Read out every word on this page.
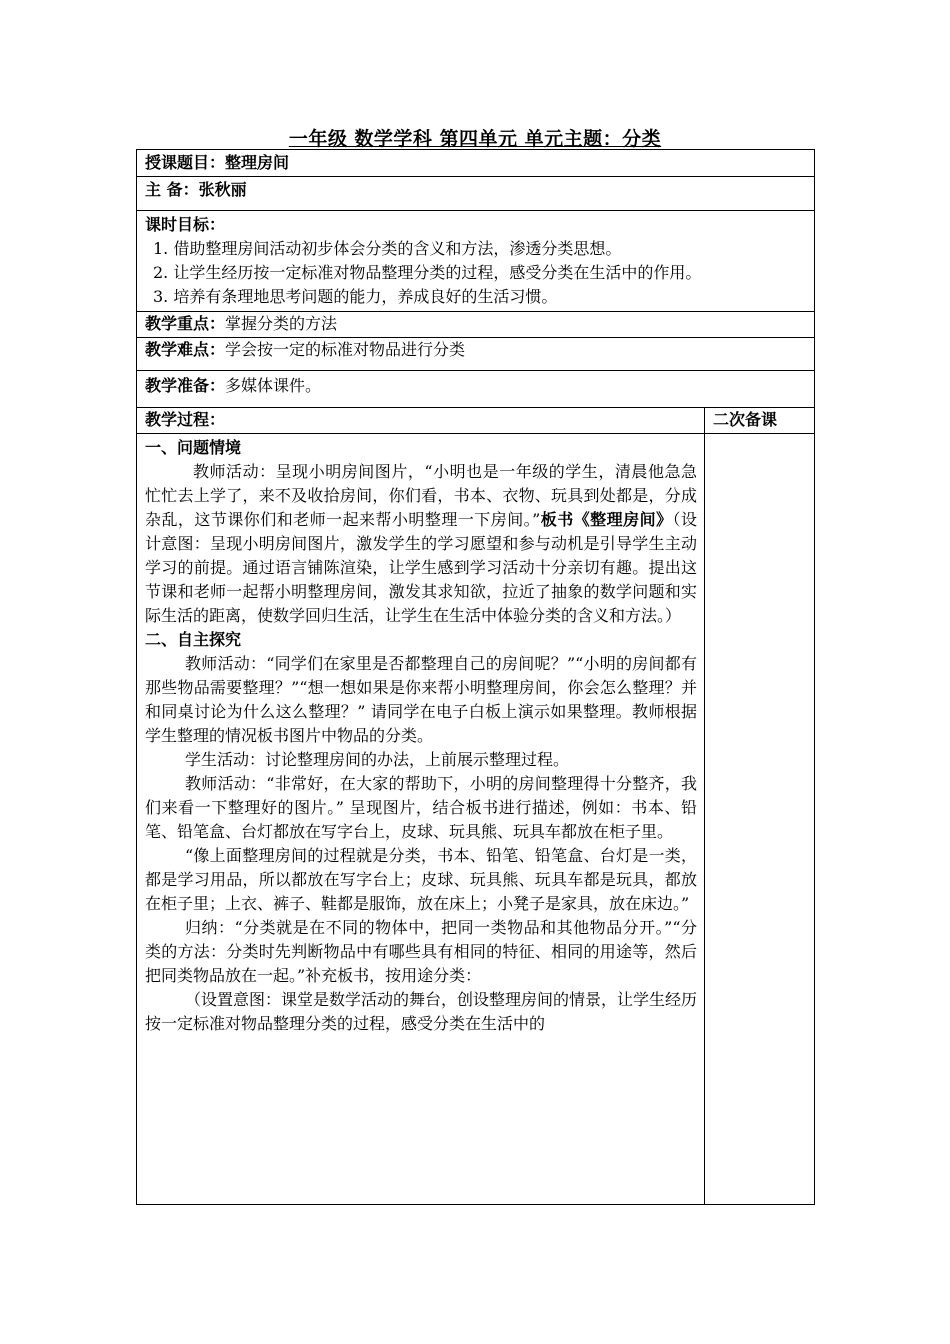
一年级 数学学科 第四单元 单元主题：分类
授课题目：整理房间
主 备：张秋丽
课时目标：
1. 借助整理房间活动初步体会分类的含义和方法，渗透分类思想。
2. 让学生经历按一定标准对物品整理分类的过程，感受分类在生活中的作用。
3. 培养有条理地思考问题的能力，养成良好的生活习惯。
教学重点：掌握分类的方法
教学难点：学会按一定的标准对物品进行分类
教学准备：多媒体课件。
教学过程：	二次备课

一、问题情境

教师活动：呈现小明房间图片，“小明也是一年级的学生，清晨他急急忙忙去上学了，来不及收拾房间，你们看，书本、衣物、玩具到处都是，分成杂乱，这节课你们和老师一起来帮小明整理一下房间。”板书《整理房间》（设计意图：呈现小明房间图片，激发学生的学习愿望和参与动机是引导学生主动学习的前提。通过语言铺陈渲染，让学生感到学习活动十分亲切有趣。提出这节课和老师一起帮小明整理房间，激发其求知欲，拉近了抽象的数学问题和实际生活的距离，使数学回归生活，让学生在生活中体验分类的含义和方法。）

二、自主探究

教师活动：“同学们在家里是否都整理自己的房间呢？”“小明的房间都有那些物品需要整理？”“想一想如果是你来帮小明整理房间，你会怎么整理？并和同桌讨论为什么这么整理？” 请同学在电子白板上演示如果整理。教师根据学生整理的情况板书图片中物品的分类。

学生活动：讨论整理房间的办法，上前展示整理过程。

教师活动：“非常好，在大家的帮助下，小明的房间整理得十分整齐，我们来看一下整理好的图片。” 呈现图片，结合板书进行描述，例如：书本、铅笔、铅笔盒、台灯都放在写字台上，皮球、玩具熊、玩具车都放在柜子里。

“像上面整理房间的过程就是分类，书本、铅笔、铅笔盒、台灯是一类，都是学习用品，所以都放在写字台上；皮球、玩具熊、玩具车都是玩具，都放在柜子里；上衣、裤子、鞋都是服饰，放在床上；小凳子是家具，放在床边。”

归纳：“分类就是在不同的物体中，把同一类物品和其他物品分开。”“分类的方法：分类时先判断物品中有哪些具有相同的特征、相同的用途等，然后把同类物品放在一起。”补充板书，按用途分类：

（设置意图：课堂是数学活动的舞台，创设整理房间的情景，让学生经历按一定标准对物品整理分类的过程，感受分类在生活中的
